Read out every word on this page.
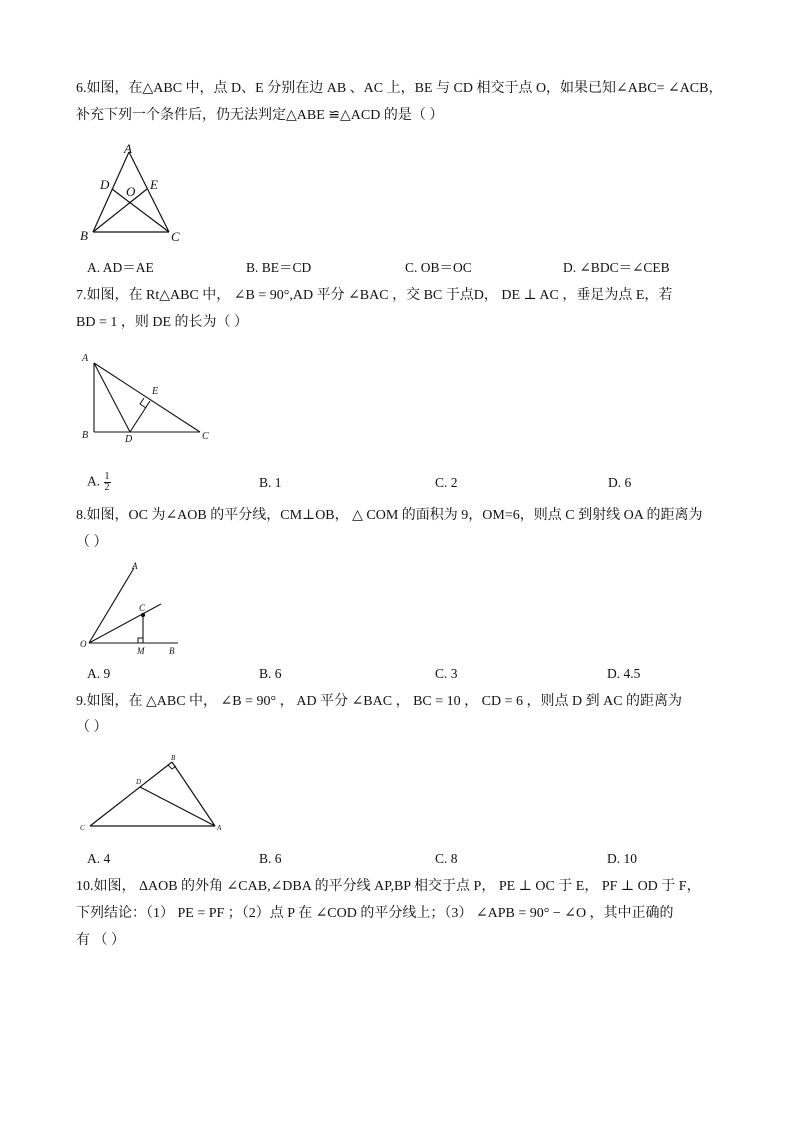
6.如图，在△ABC 中，点 D、E 分别在边 AB 、AC 上，BE 与 CD 相交于点 O，如果已知∠ABC= ∠ACB，
补充下列一个条件后，仍无法判定△ABE ≌△ACD 的是（ ）
A
D	E
O
B	C
A. AD＝AE	B. BE＝CD	C. OB＝OC	D. ∠BDC＝∠CEB
7.如图，在 Rt△ABC 中， ∠B = 90°,AD 平分 ∠BAC ，交 BC 于点D， DE ⊥ AC ，垂足为点 E，若
BD = 1 ，则 DE 的长为（ ）
A
E
B	D	C
A. $\frac{1}{2}$	B. 1	C. 2	D. 6
8.如图，OC 为∠AOB 的平分线，CM⊥OB， △ COM 的面积为 9，OM=6，则点 C 到射线 OA 的距离为
（ ）
A
C
O
M	B
A. 9	B. 6	C. 3	D. 4.5
9.如图，在 △ABC 中， ∠B = 90° ， AD 平分 ∠BAC ， BC = 10 ， CD = 6 ，则点 D 到 AC 的距离为
（ ）
B
D
C	A
A. 4	B. 6	C. 8	D. 10
10.如图， ΔAOB 的外角 ∠CAB,∠DBA 的平分线 AP,BP 相交于点 P， PE ⊥ OC 于 E， PF ⊥ OD 于 F，
下列结论：（1） PE = PF ；（2）点 P 在 ∠COD 的平分线上；（3） ∠APB = 90° − ∠O ，其中正确的
有 （ ）
